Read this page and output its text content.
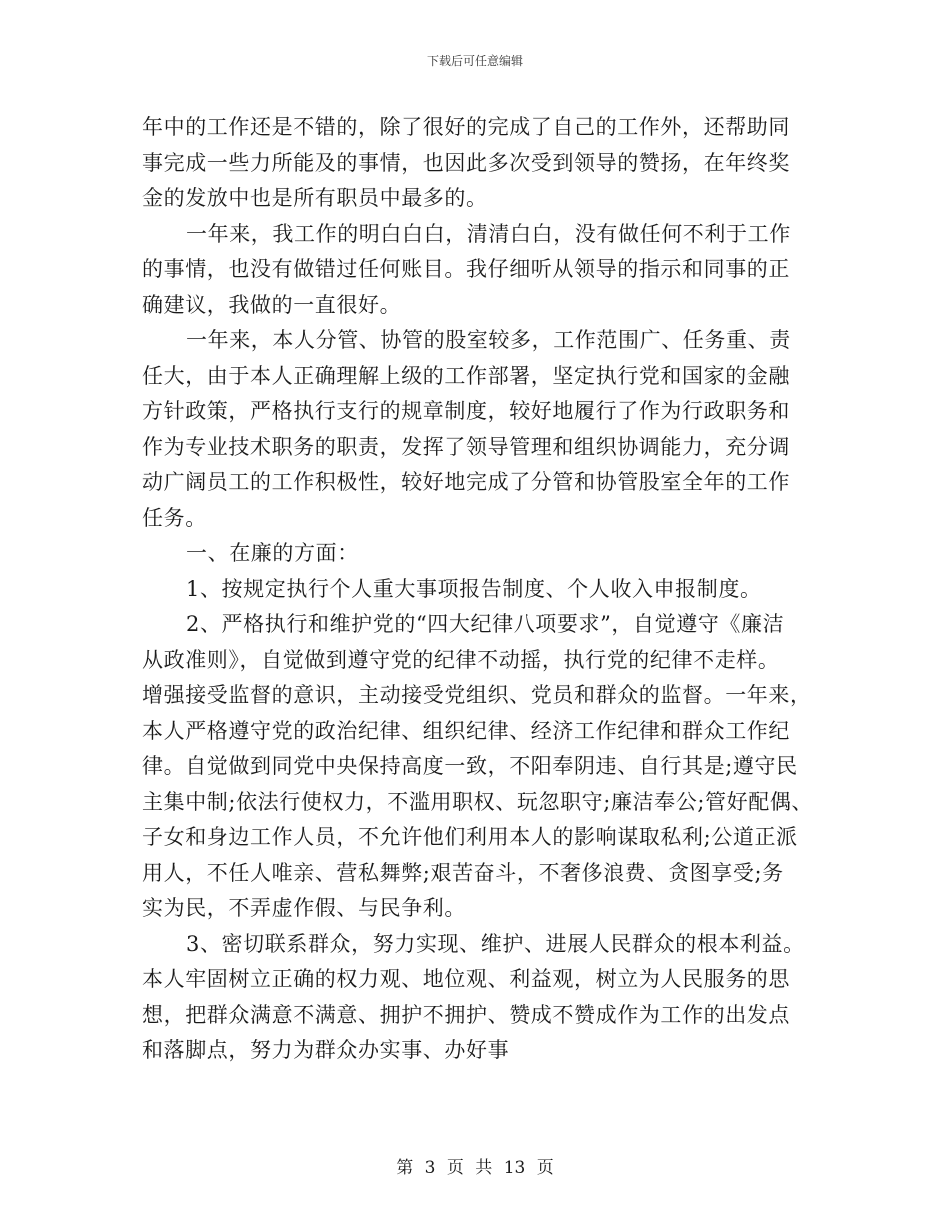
下载后可任意编辑
年中的工作还是不错的，除了很好的完成了自己的工作外，还帮助同
事完成一些力所能及的事情，也因此多次受到领导的赞扬，在年终奖
金的发放中也是所有职员中最多的。
一年来，我工作的明白白白，清清白白，没有做任何不利于工作
的事情，也没有做错过任何账目。我仔细听从领导的指示和同事的正
确建议，我做的一直很好。
一年来，本人分管、协管的股室较多，工作范围广、任务重、责
任大，由于本人正确理解上级的工作部署，坚定执行党和国家的金融
方针政策，严格执行支行的规章制度，较好地履行了作为行政职务和
作为专业技术职务的职责，发挥了领导管理和组织协调能力，充分调
动广阔员工的工作积极性，较好地完成了分管和协管股室全年的工作
任务。
一、在廉的方面：
1、按规定执行个人重大事项报告制度、个人收入申报制度。
2、严格执行和维护党的“四大纪律八项要求”，自觉遵守《廉洁
从政准则》，自觉做到遵守党的纪律不动摇，执行党的纪律不走样。
增强接受监督的意识，主动接受党组织、党员和群众的监督。一年来，
本人严格遵守党的政治纪律、组织纪律、经济工作纪律和群众工作纪
律。自觉做到同党中央保持高度一致，不阳奉阴违、自行其是;遵守民
主集中制;依法行使权力，不滥用职权、玩忽职守;廉洁奉公;管好配偶、
子女和身边工作人员，不允许他们利用本人的影响谋取私利;公道正派
用人，不任人唯亲、营私舞弊;艰苦奋斗，不奢侈浪费、贪图享受;务
实为民，不弄虚作假、与民争利。
3、密切联系群众，努力实现、维护、进展人民群众的根本利益。
本人牢固树立正确的权力观、地位观、利益观，树立为人民服务的思
想，把群众满意不满意、拥护不拥护、赞成不赞成作为工作的出发点
和落脚点，努力为群众办实事、办好事
第 3 页 共 13 页
